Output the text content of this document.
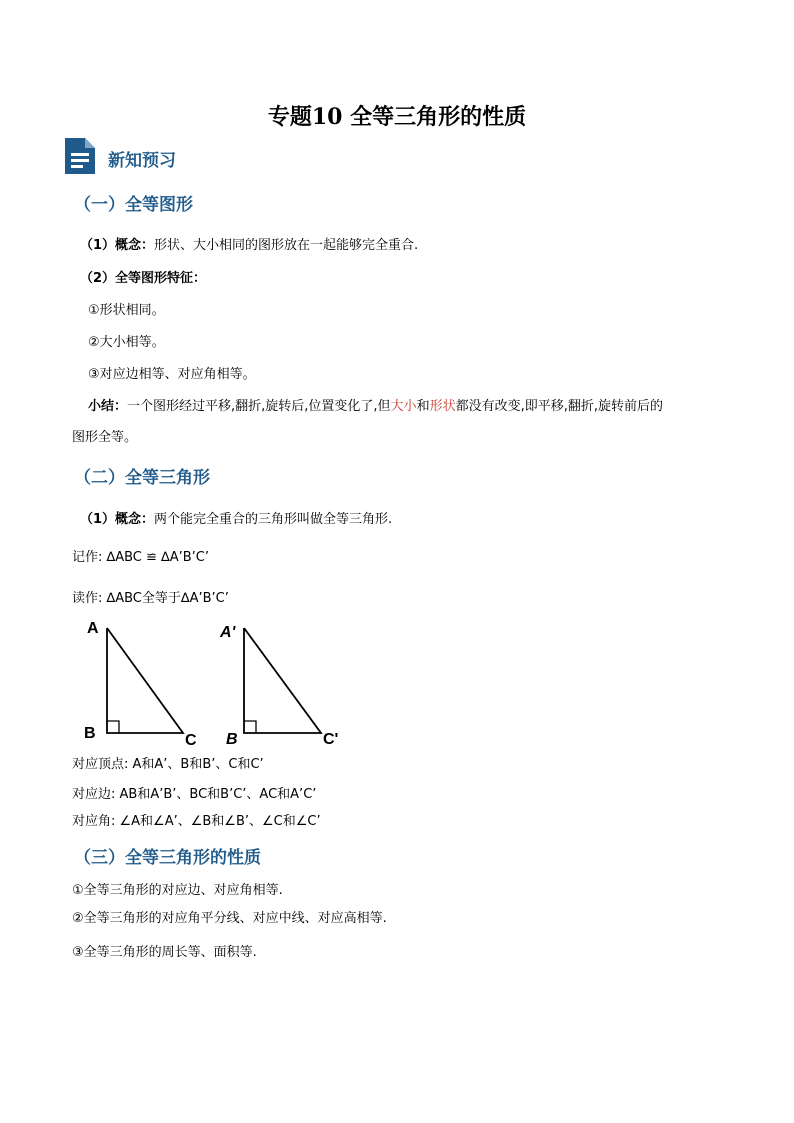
专题10 全等三角形的性质
新知预习
（一）全等图形
（1）概念：形状、大小相同的图形放在一起能够完全重合.
（2）全等图形特征：
①形状相同。
②大小相等。
③对应边相等、对应角相等。
小结：一个图形经过平移,翻折,旋转后,位置变化了,但大小和形状都没有改变,即平移,翻折,旋转前后的
图形全等。
（二）全等三角形
（1）概念：两个能完全重合的三角形叫做全等三角形.
记作: ∆ABC ≌ ∆A’B’C’
读作: ∆ABC全等于∆A’B’C’
A
B	C
A'
B	C'
对应顶点: A和A’、B和B’、C和C’
对应边: AB和A’B’、BC和B’C’、AC和A’C’
对应角: ∠A和∠A’、∠B和∠B’、∠C和∠C’
（三）全等三角形的性质
①全等三角形的对应边、对应角相等.
②全等三角形的对应角平分线、对应中线、对应高相等.
③全等三角形的周长等、面积等.
